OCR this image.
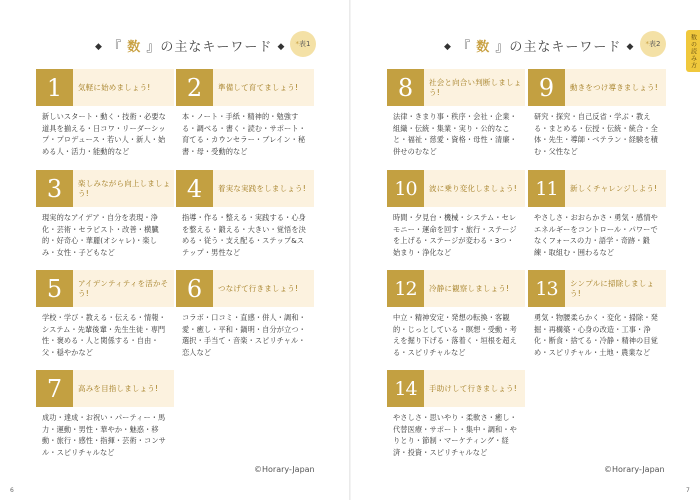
◆ 『 数 』の主なキーワード ◆ * 表1
1	気軽に始めましょう!
新しいスタート・動く・技術・必要な道具を揃える・日コワ・リーダーシップ・プロデュース・若い人・新人・始める人・活力・能動的など
2	準備して育てましょう!
本・ノート・手紙・精神的・勉強する・調べる・書く・読む・サポート・育てる・カウンセラー・ブレイン・秘書・母・受動的など
3	楽しみながら向上しましょう!
現実的なアイデア・自分を表現・浄化・芸術・セラピスト・改善・横臓的・好奇心・華麗(オシャレ)・楽しみ・女性・子どもなど
4	着実な実践をしましょう!
指導・作る・整える・実践する・心身を整える・鍛える・大きい・覚悟を決める・従う・支え配る・ステップ&ステップ・男性など
5	アイデンティティを活かそう!
学校・学び・教える・伝える・情報・システム・先輩後輩・先生生徒・専門性・褒める・人と関係する・自由・父・穏やかなど
6	つなげて行きましょう!
コラボ・口コミ・直感・併人・調和・愛・癒し・平和・鍋明・自分が立つ・選択・手当て・音楽・スピリチャル・恋人など
7	高みを目指しましょう!
成功・達成・お祝い・パーティー・馬力・運動・男性・華やか・魅惑・移動・旅行・感性・指揮・芸術・コンサル・スピリチャルなど
©Horary-Japan
6
◆ 『 数 』の主なキーワード ◆ * 表2	数の読み方
8	社会と向合い判断しましょう!
法律・きまり事・秩序・会社・企業・組織・伝統・集業・実り・公的なこと・福祉・慈愛・資格・母性・清廉・併せのむなど
9	動きをつけ導きましょう!
研究・探究・自己反省・学ぶ・教える・まとめる・伝授・伝統・統合・全体・先生・導師・ベテラン・経験を積む・父性など
10	波に乗り変化しましょう!
時間・夕見台・機械・システム・セレモニー・運命を回す・旅行・ステージを上げる・ステージが変わる・3つ・始まり・浄化など
11	新しくチャレンジしよう!
やさしさ・おおらかさ・勇気・感情やエネルギーをコントロール・パワーでなくフォースの力・語学・奇跡・鍛練・取組む・囲わるなど
12	冷静に観察しましょう!
中立・精神安定・発想の転換・客観的・じっとしている・瞑想・受動・考えを掘り下げる・落着く・垣根を超える・スピリチャルなど
13	シンプルに掃除しましょう!
勇気・物腰柔らかく・変化・掃除・発掘・再構築・心身の改造・工事・浄化・断食・捨てる・冷静・精神の目覚め・スピリチャル・土地・農業など
14	手助けして行きましょう!
やさしさ・思いやり・柔軟さ・癒し・代替医療・サポート・集中・調和・やりとり・節制・マーケティング・経済・投資・スピリチャルなど
©Horary-Japan
7
